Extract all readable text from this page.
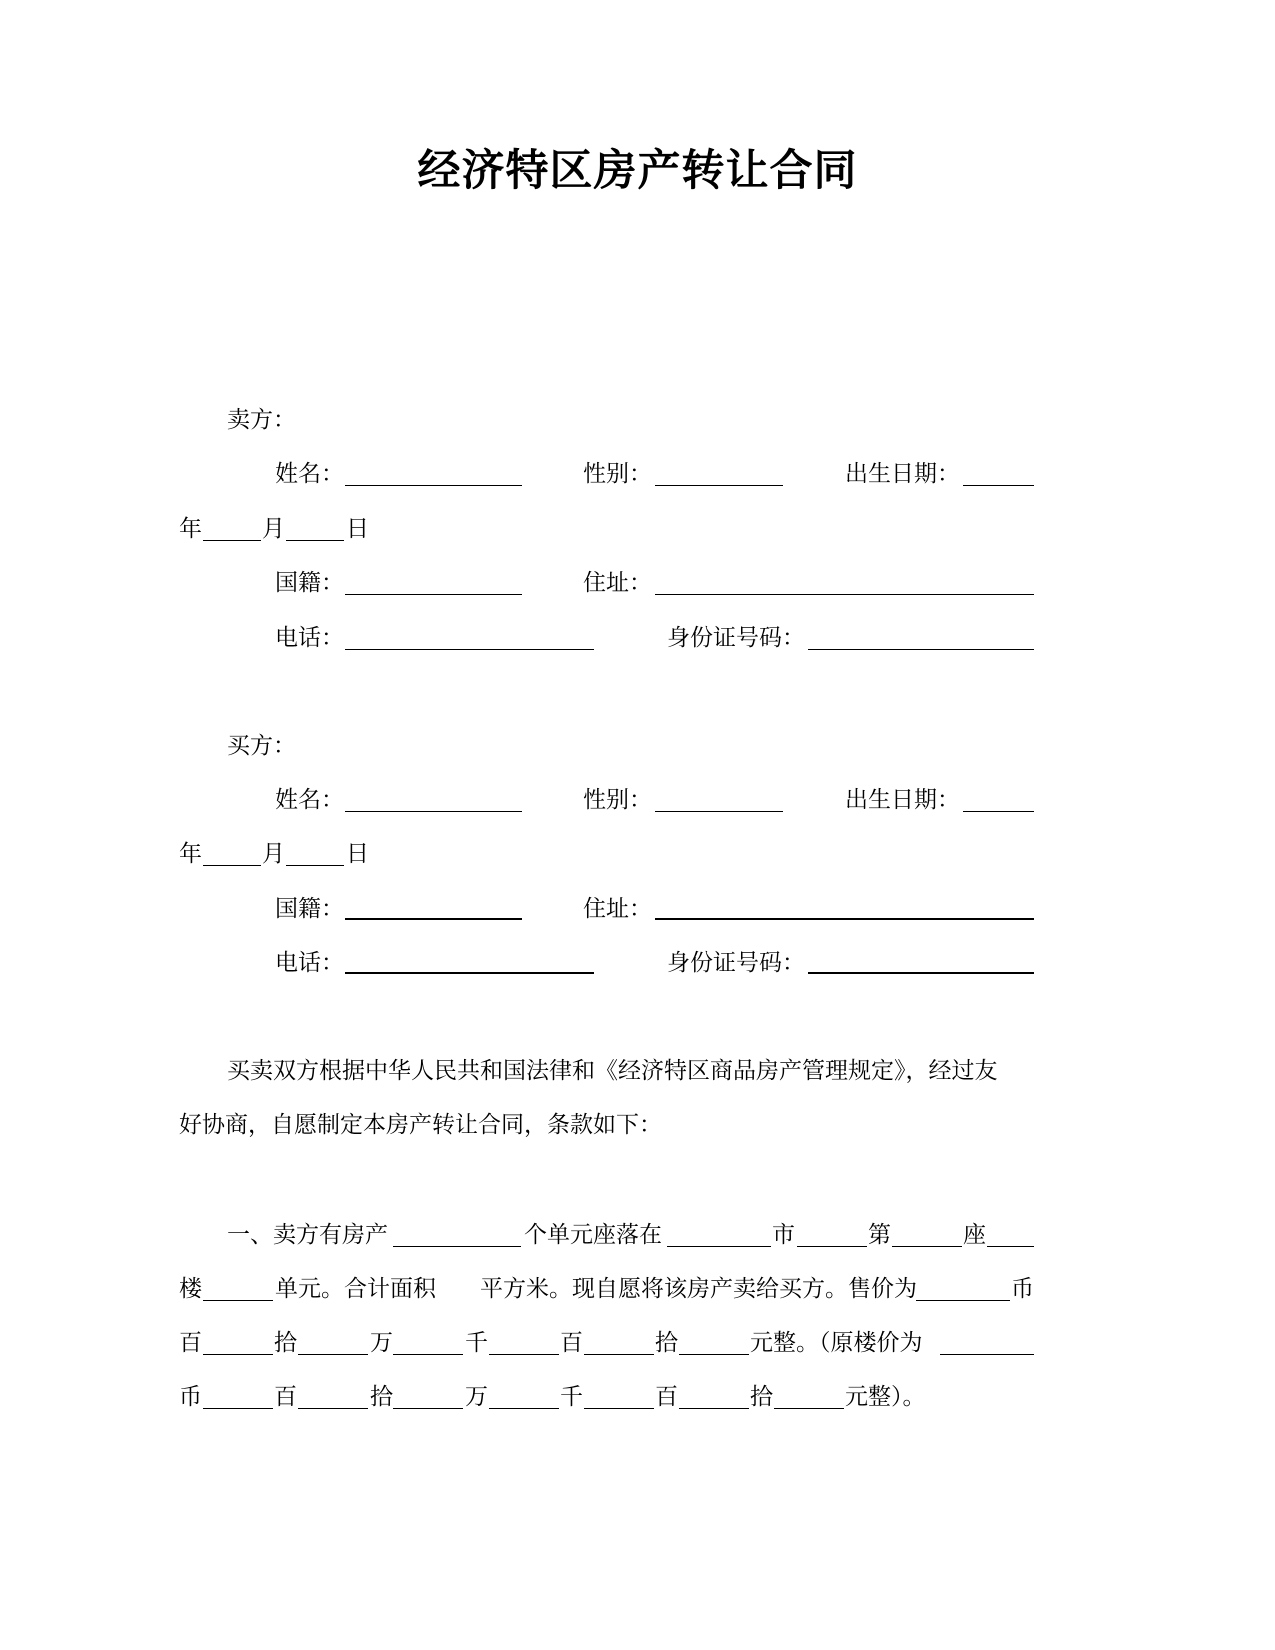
经济特区房产转让合同
卖方：
姓名：	性别：	出生日期：
年	月	日
国籍：	住址：
电话：	身份证号码：
买方：
姓名：	性别：	出生日期：
年	月	日
国籍：	住址：
电话：	身份证号码：
买卖双方根据中华人民共和国法律和《经济特区商品房产管理规定》，经过友
好协商，自愿制定本房产转让合同，条款如下：
一、卖方有房产	个单元座落在	市	第	座
楼	单元。合计面积 平方米。现自愿将该房产卖给买方。售价为	币
百	拾	万	千	百	拾	元整。（原楼价为
币	百	拾	万	千	百	拾	元整）。
